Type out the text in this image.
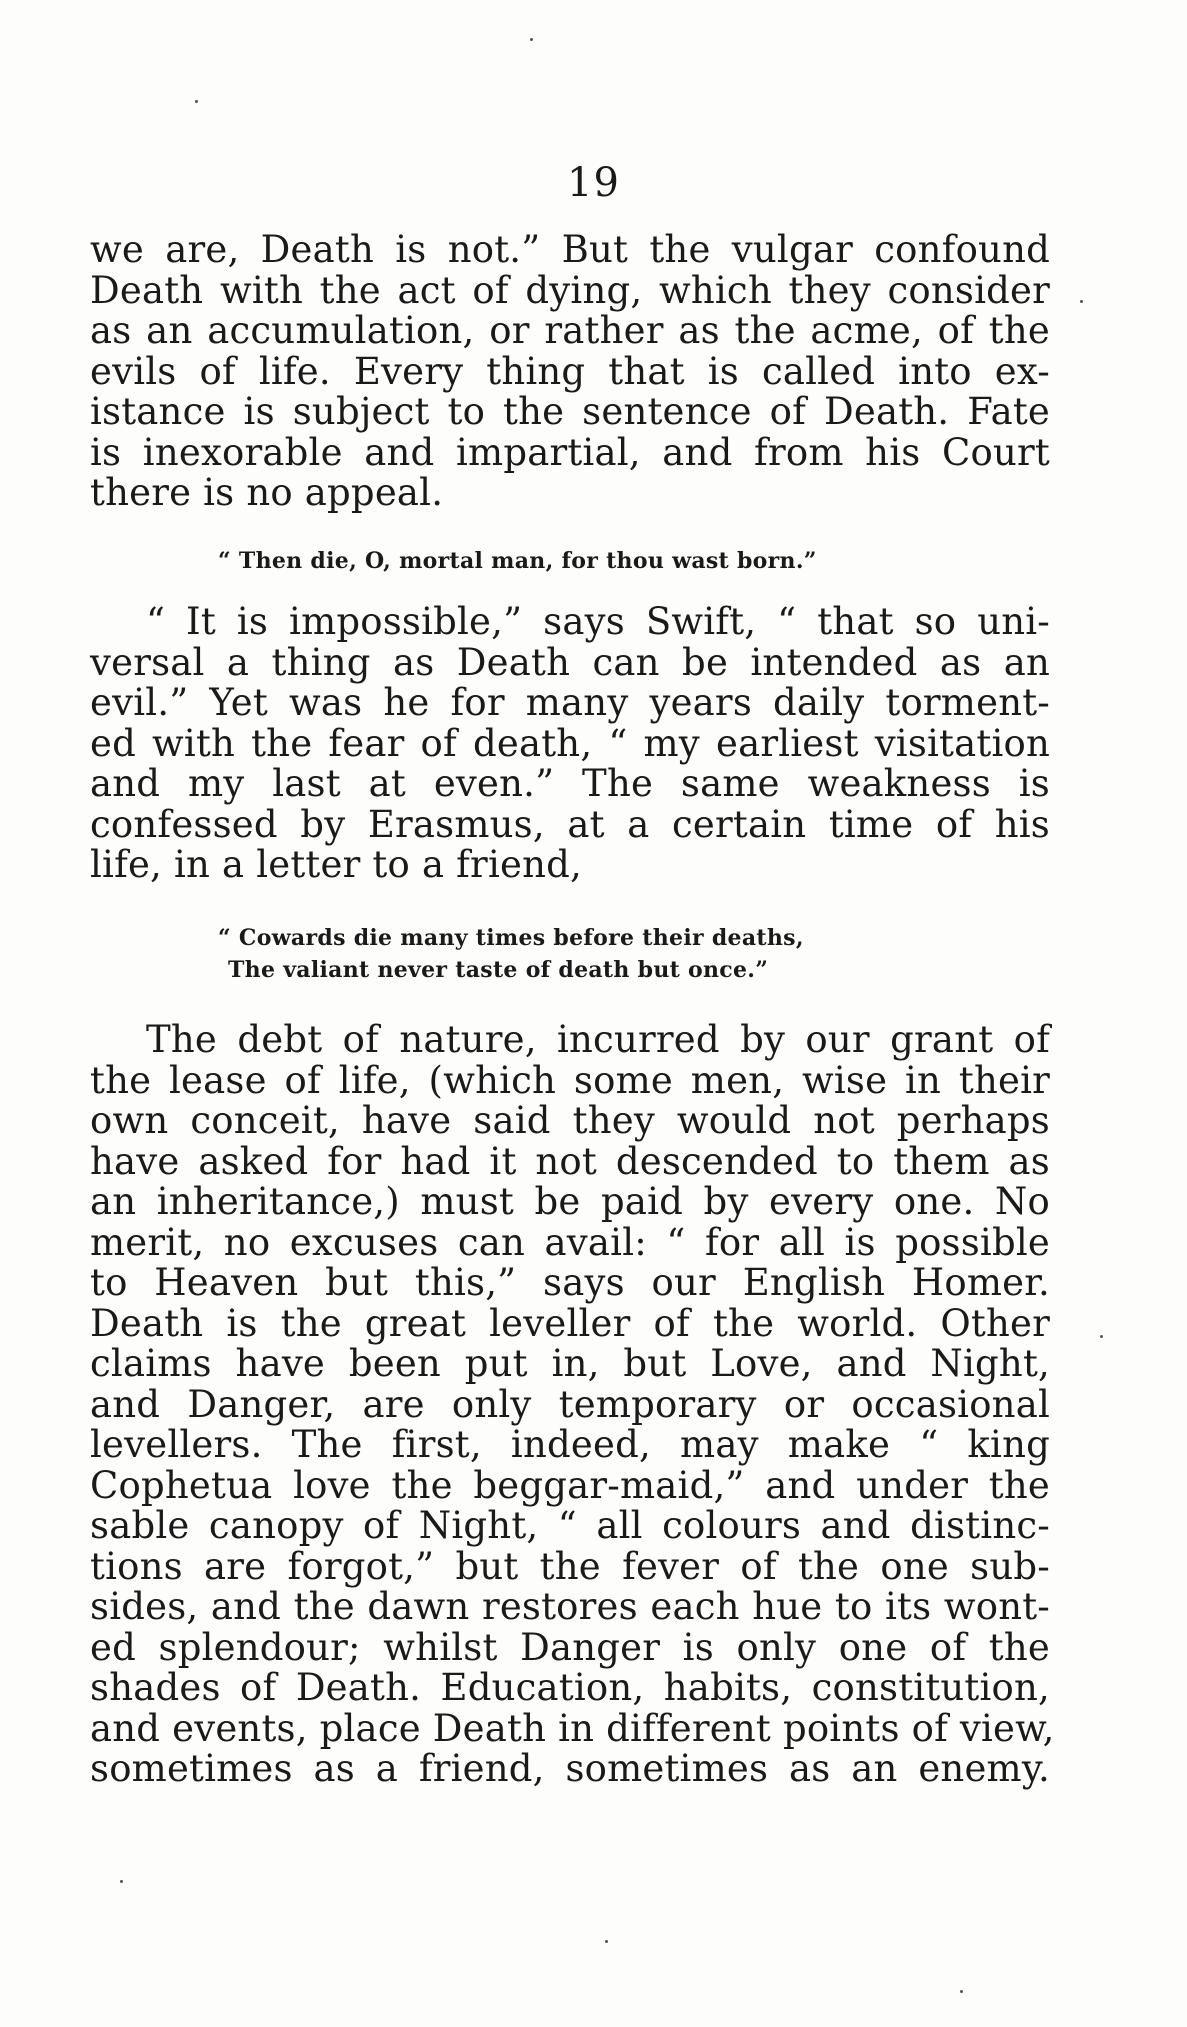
19
we are, Death is not.” But the vulgar confound
Death with the act of dying, which they consider
as an accumulation, or rather as the acme, of the
evils of life. Every thing that is called into ex-
istance is subject to the sentence of Death. Fate
is inexorable and impartial, and from his Court
there is no appeal.
“ Then die, O, mortal man, for thou wast born.”
“ It is impossible,” says Swift, “ that so uni-
versal a thing as Death can be intended as an
evil.” Yet was he for many years daily torment-
ed with the fear of death, “ my earliest visitation
and my last at even.” The same weakness is
confessed by Erasmus, at a certain time of his
life, in a letter to a friend,
“ Cowards die many times before their deaths,
The valiant never taste of death but once.”
The debt of nature, incurred by our grant of
the lease of life, (which some men, wise in their
own conceit, have said they would not perhaps
have asked for had it not descended to them as
an inheritance,) must be paid by every one. No
merit, no excuses can avail: “ for all is possible
to Heaven but this,” says our English Homer.
Death is the great leveller of the world. Other
claims have been put in, but Love, and Night,
and Danger, are only temporary or occasional
levellers. The first, indeed, may make “ king
Cophetua love the beggar-maid,” and under the
sable canopy of Night, “ all colours and distinc-
tions are forgot,” but the fever of the one sub-
sides, and the dawn restores each hue to its wont-
ed splendour; whilst Danger is only one of the
shades of Death. Education, habits, constitution,
and events, place Death in different points of view,
sometimes as a friend, sometimes as an enemy.
